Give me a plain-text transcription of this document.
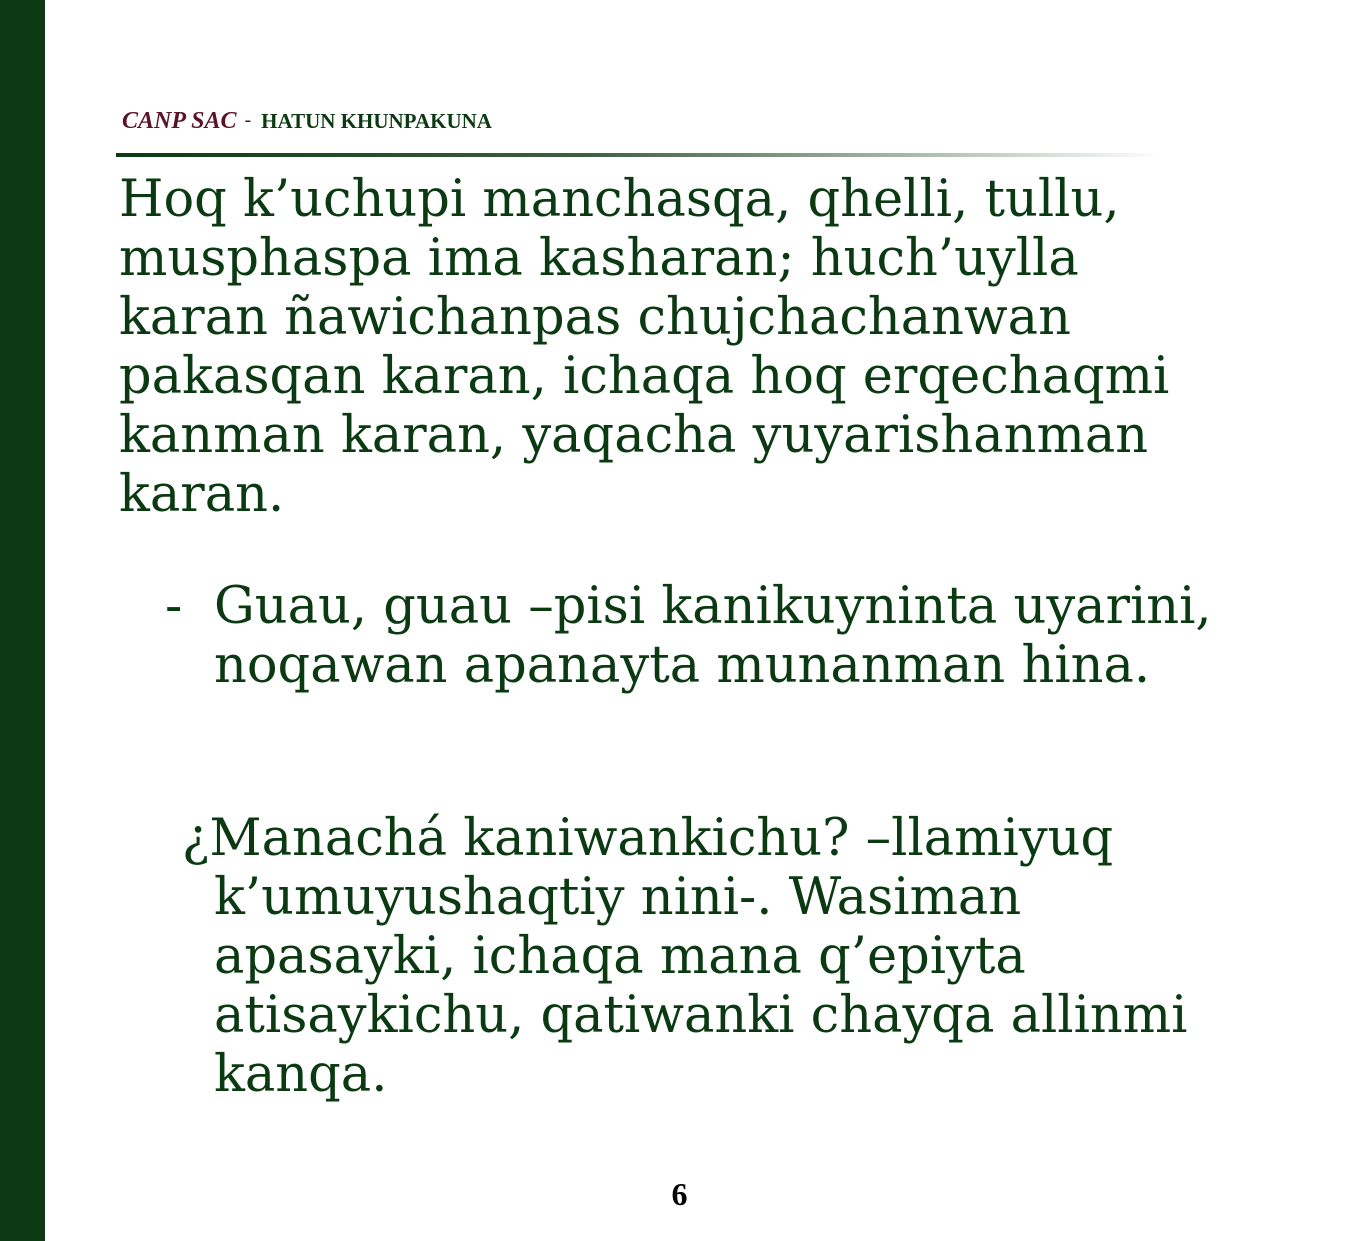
CANP SAC - HATUN KHUNPAKUNA

Hoq k’uchupi manchasqa, qhelli, tullu, musphaspa ima kasharan; huch’uylla karan ñawichanpas chujchachanwan pakasqan karan, ichaqa hoq erqechaqmi kanman karan, yaqacha yuyarishanman karan.

- Guau, guau –pisi kanikuyninta uyarini, noqawan apanayta munanman hina.

¿Manachá kaniwankichu? –llamiyuq k’umuyushaqtiy nini-. Wasiman apasayki, ichaqa mana q’epiyta atisaykichu, qatiwanki chayqa allinmi kanqa.

6
